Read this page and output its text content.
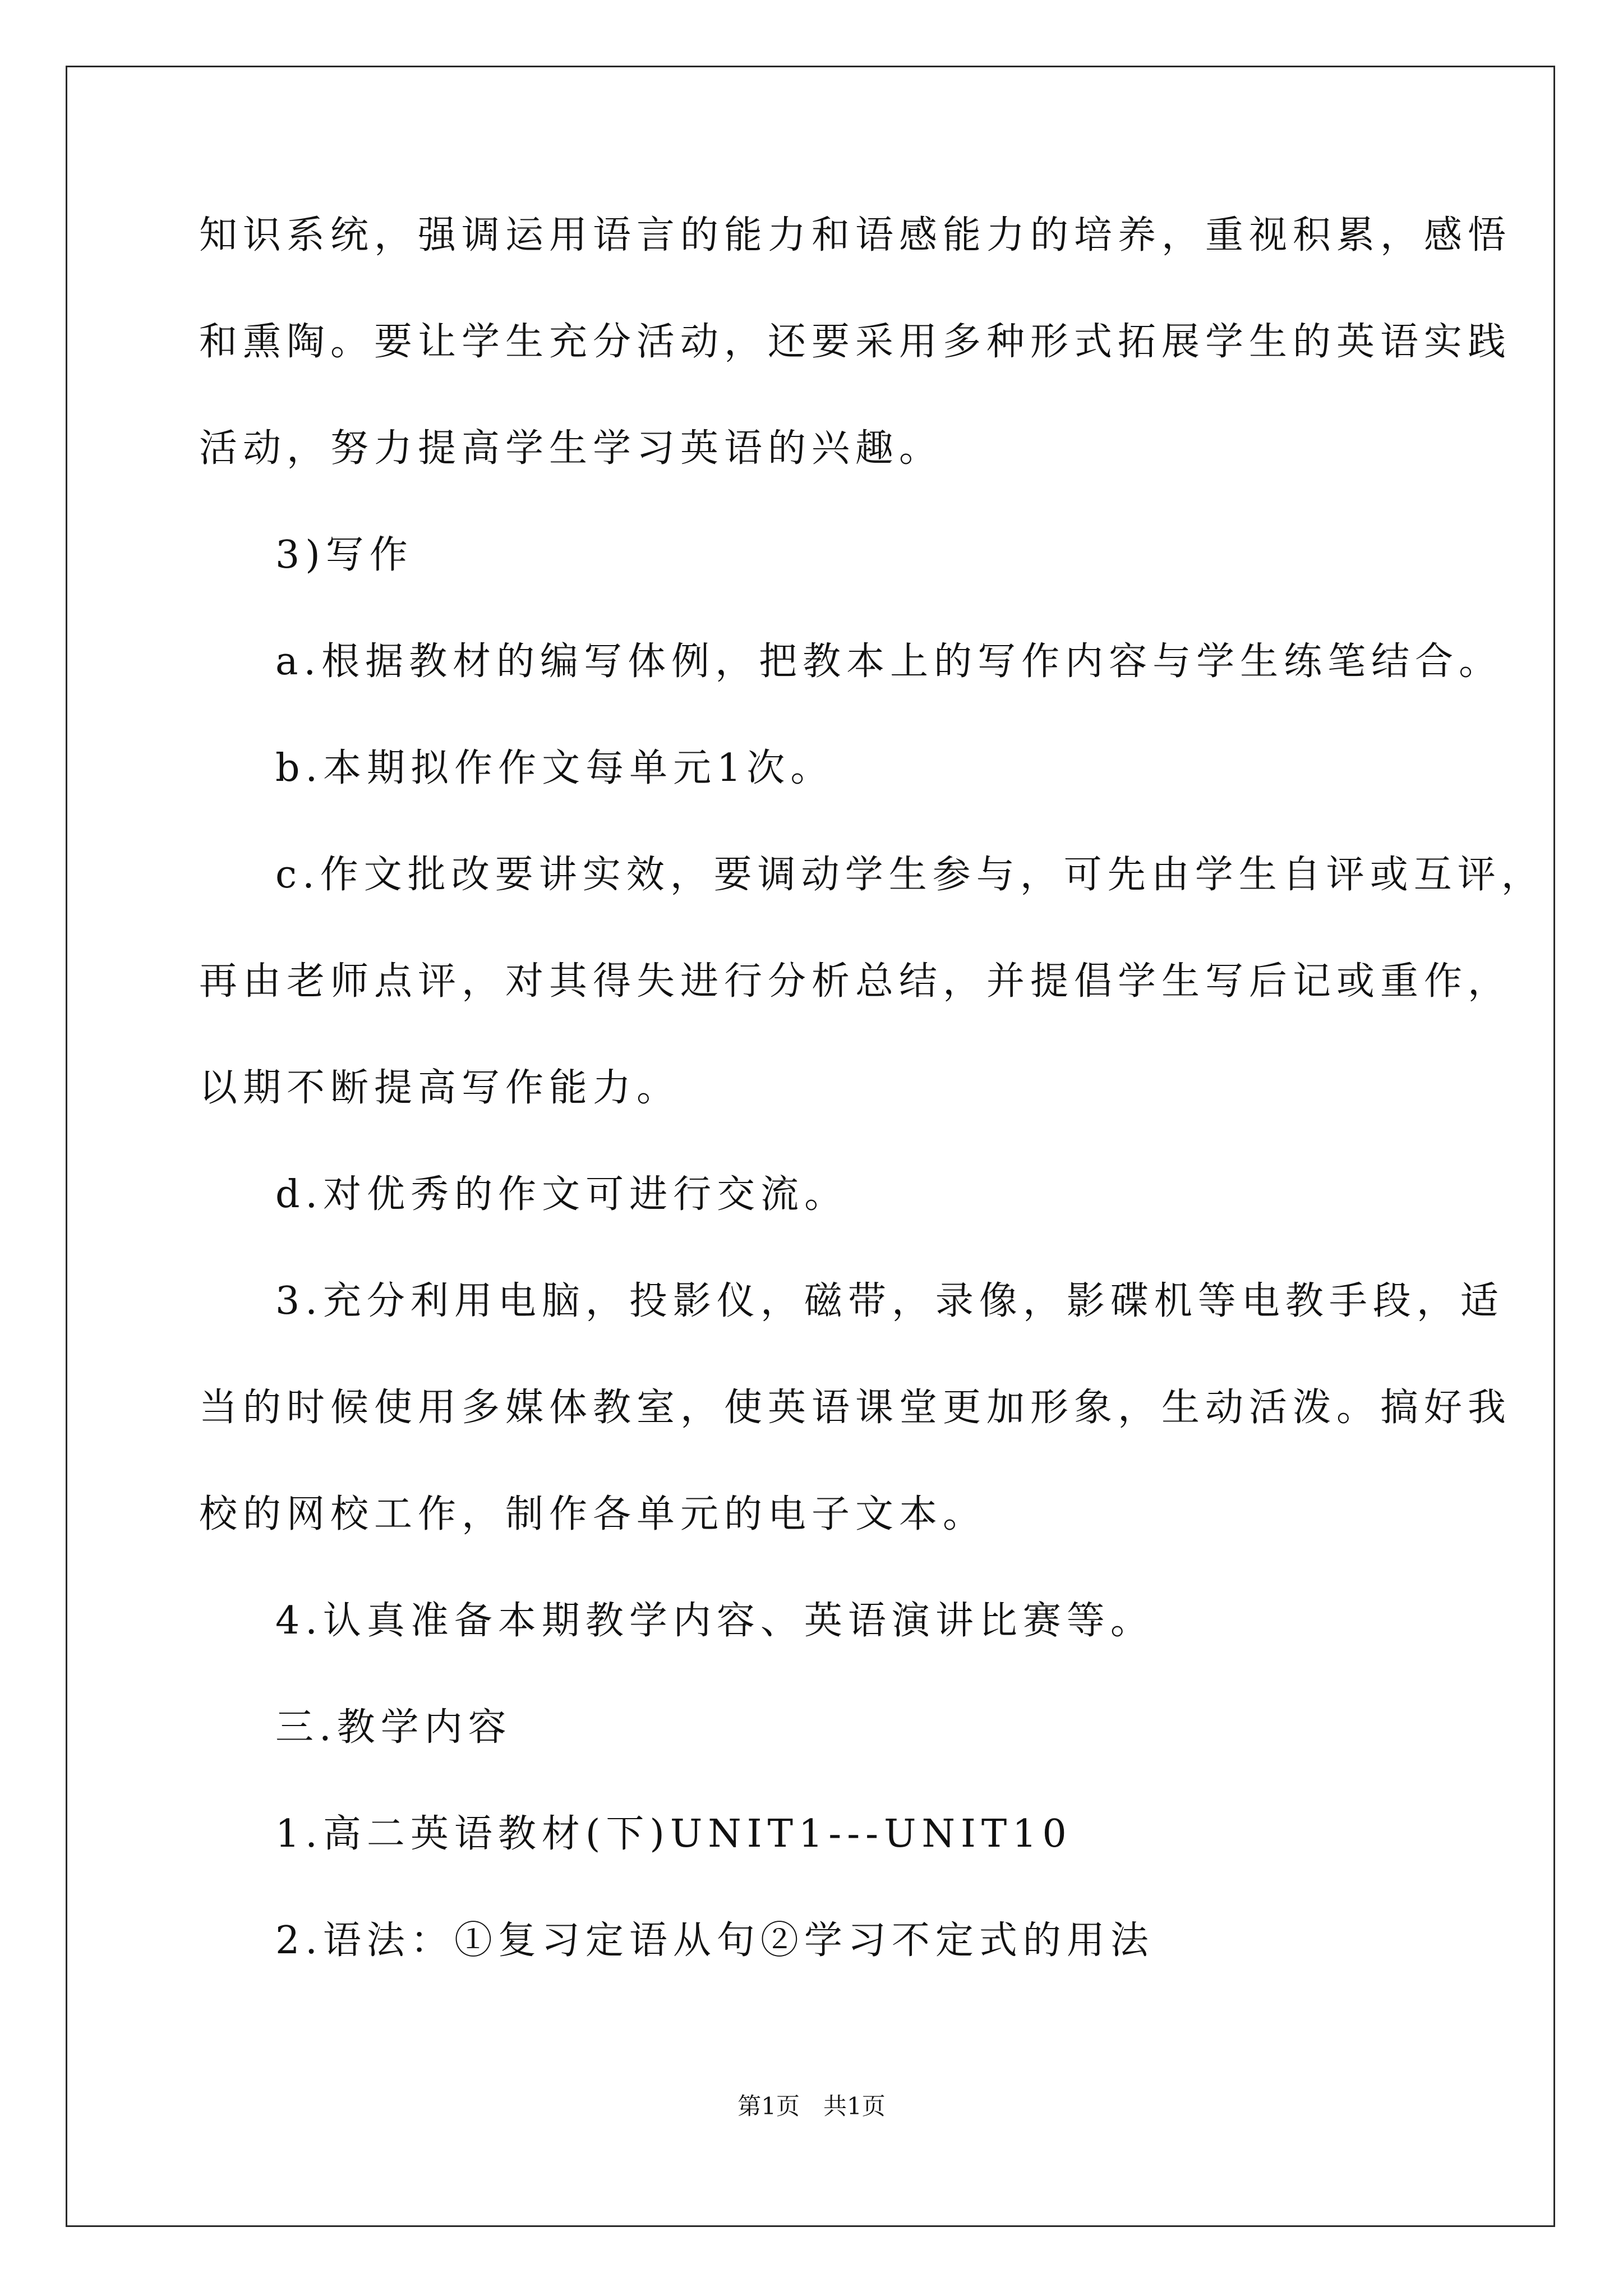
知识系统，强调运用语言的能力和语感能力的培养，重视积累，感悟
和熏陶。要让学生充分活动，还要采用多种形式拓展学生的英语实践
活动，努力提高学生学习英语的兴趣。
3)写作
a.根据教材的编写体例，把教本上的写作内容与学生练笔结合。
b.本期拟作作文每单元1次。
c.作文批改要讲实效，要调动学生参与，可先由学生自评或互评，
再由老师点评，对其得失进行分析总结，并提倡学生写后记或重作，
以期不断提高写作能力。
d.对优秀的作文可进行交流。
3.充分利用电脑，投影仪，磁带，录像，影碟机等电教手段，适
当的时候使用多媒体教室，使英语课堂更加形象，生动活泼。搞好我
校的网校工作，制作各单元的电子文本。
4.认真准备本期教学内容、英语演讲比赛等。
三.教学内容
1.高二英语教材(下)UNIT1---UNIT10
2.语法：①复习定语从句②学习不定式的用法
第1页　共1页
